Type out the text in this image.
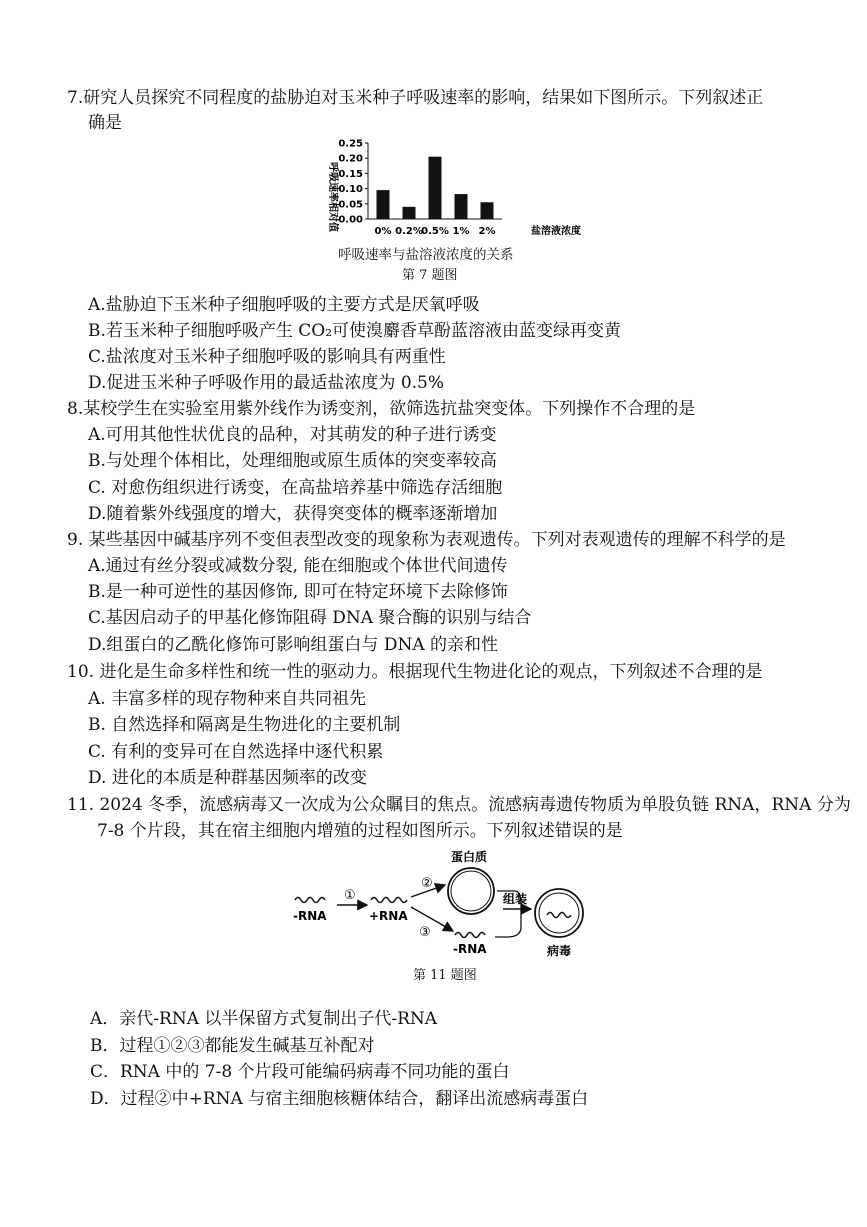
7.研究人员探究不同程度的盐胁迫对玉米种子呼吸速率的影响，结果如下图所示。下列叙述正
确是
呼吸速率相对值 0.00
0.05
0.10
0.15
0.20
0.25
0% 0.2%
0.5% 1% 2%	盐溶液浓度
呼吸速率与盐溶液浓度的关系
第 7 题图
A.盐胁迫下玉米种子细胞呼吸的主要方式是厌氧呼吸
B.若玉米种子细胞呼吸产生 CO₂可使溴麝香草酚蓝溶液由蓝变绿再变黄
C.盐浓度对玉米种子细胞呼吸的影响具有两重性
D.促进玉米种子呼吸作用的最适盐浓度为 0.5%
8.某校学生在实验室用紫外线作为诱变剂，欲筛选抗盐突变体。下列操作不合理的是
A.可用其他性状优良的品种，对其萌发的种子进行诱变
B.与处理个体相比，处理细胞或原生质体的突变率较高
C. 对愈伤组织进行诱变，在高盐培养基中筛选存活细胞
D.随着紫外线强度的增大，获得突变体的概率逐渐增加
9. 某些基因中碱基序列不变但表型改变的现象称为表观遗传。下列对表观遗传的理解不科学的是
A.通过有丝分裂或减数分裂, 能在细胞或个体世代间遗传
B.是一种可逆性的基因修饰, 即可在特定环境下去除修饰
C.基因启动子的甲基化修饰阻碍 DNA 聚合酶的识别与结合
D.组蛋白的乙酰化修饰可影响组蛋白与 DNA 的亲和性
10. 进化是生命多样性和统一性的驱动力。根据现代生物进化论的观点，下列叙述不合理的是
A. 丰富多样的现存物种来自共同祖先
B. 自然选择和隔离是生物进化的主要机制
C. 有利的变异可在自然选择中逐代积累
D. 进化的本质是种群基因频率的改变
11. 2024 冬季，流感病毒又一次成为公众瞩目的焦点。流感病毒遗传物质为单股负链 RNA，RNA 分为
7-8 个片段，其在宿主细胞内增殖的过程如图所示。下列叙述错误的是
-RNA
①
+RNA
②
③
蛋白质
-RNA
组装
病毒
第 11 题图
A．亲代-RNA 以半保留方式复制出子代-RNA
B．过程①②③都能发生碱基互补配对
C．RNA 中的 7-8 个片段可能编码病毒不同功能的蛋白
D．过程②中+RNA 与宿主细胞核糖体结合，翻译出流感病毒蛋白
